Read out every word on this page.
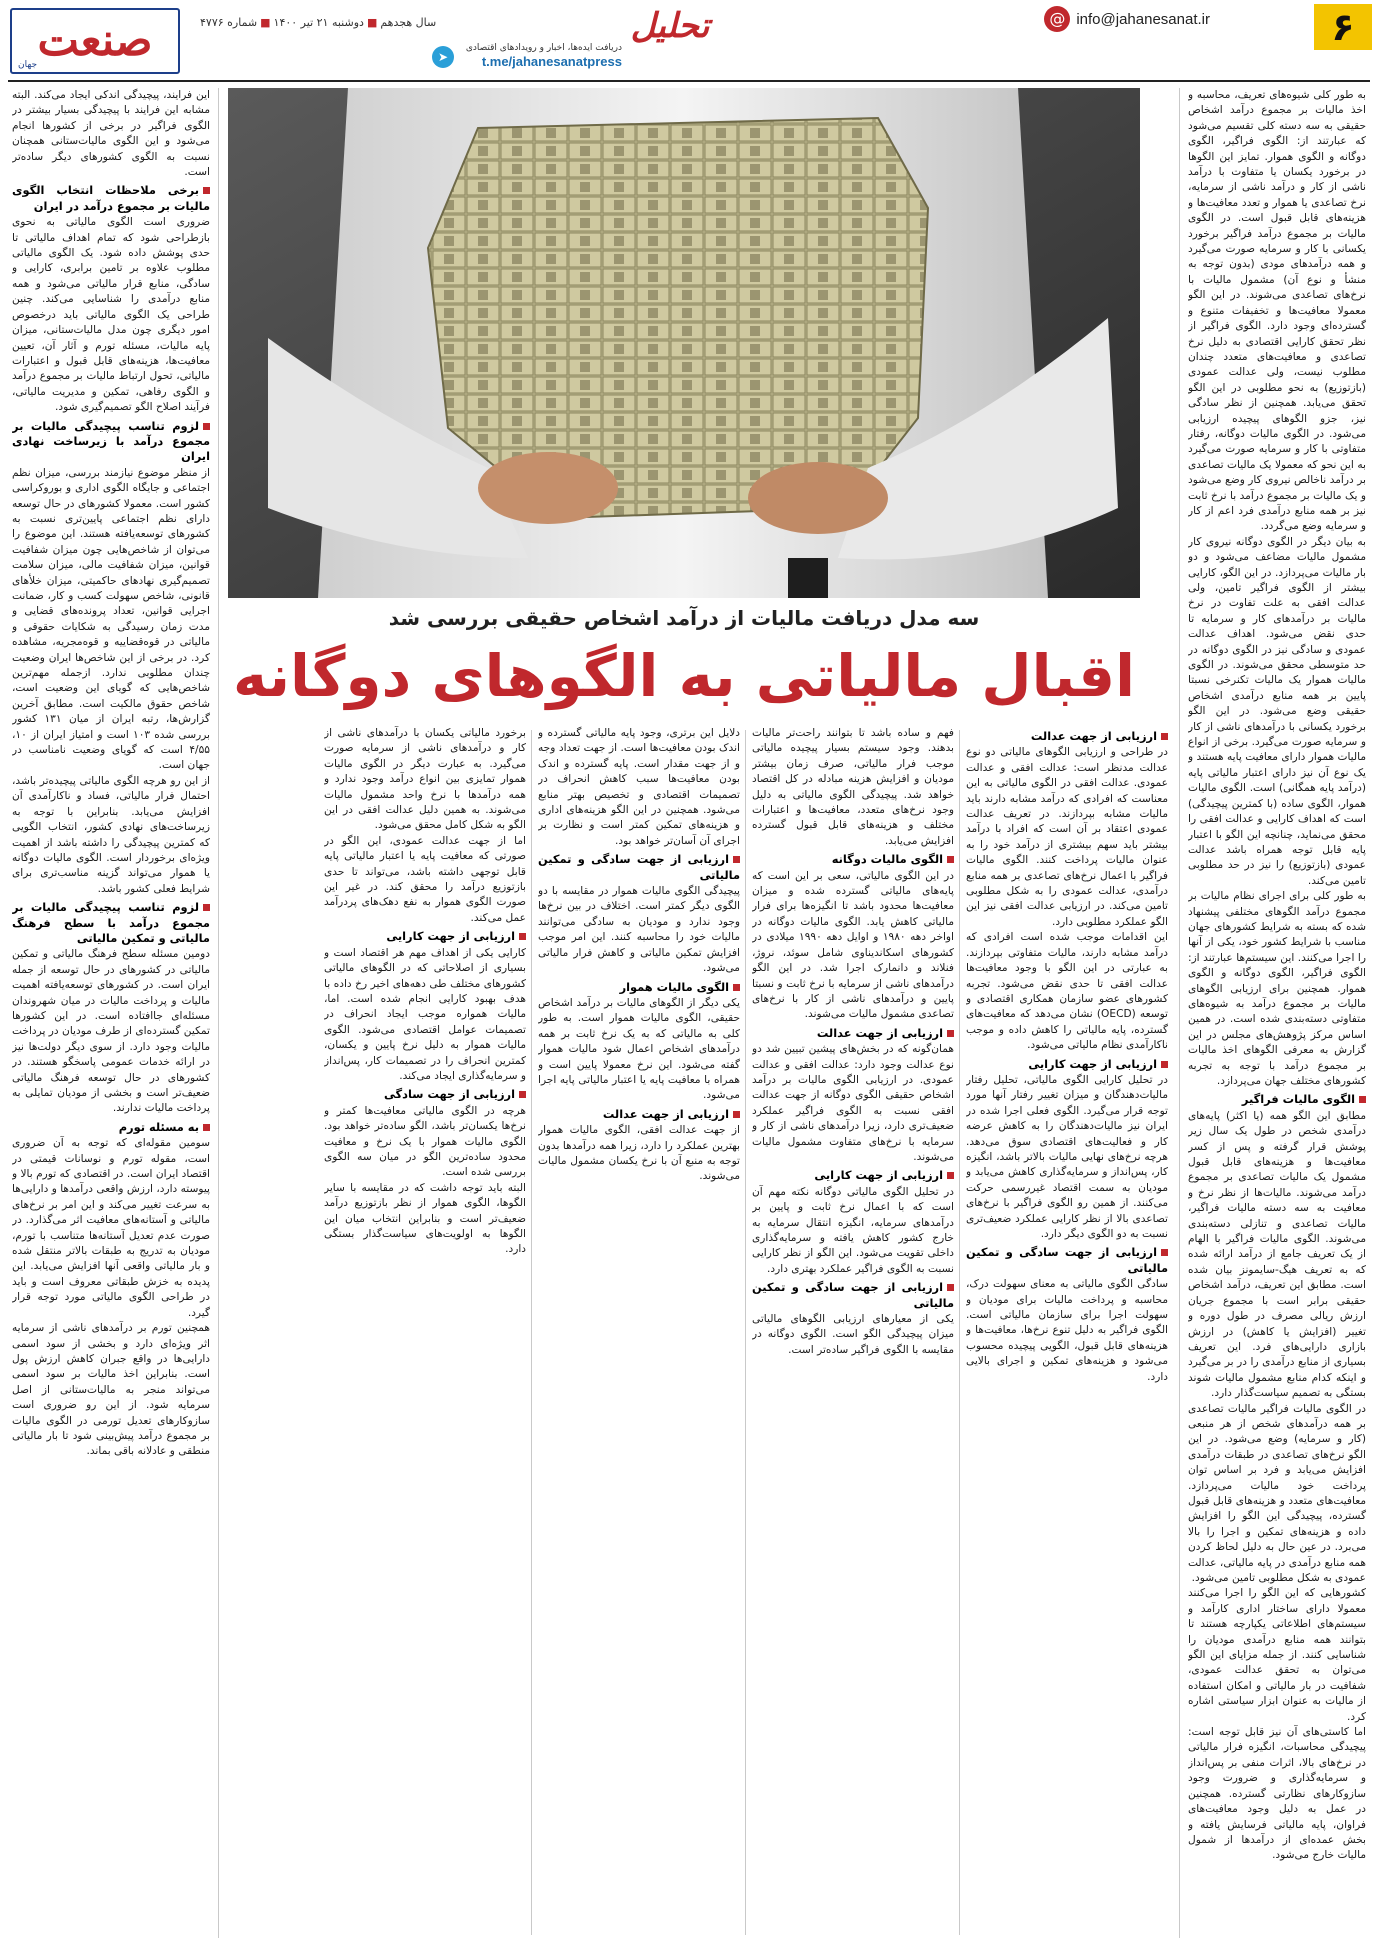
۶
@ info@jahanesanat.ir
تحلیل
دریافت ایده‌ها، اخبار و رویدادهای اقتصادی
t.me/jahanesanatpress
➤
سال هجدهم■دوشنبه ۲۱ تیر ۱۴۰۰■شماره ۴۷۷۶
صنعت
جهان
سه مدل دریافت مالیات از درآمد اشخاص حقیقی بررسی شد
اقبال مالیاتی به الگوهای دوگانه

به طور کلی شیوه‌های تعریف، محاسبه و اخذ مالیات بر مجموع درآمد اشخاص حقیقی به سه دسته کلی تقسیم می‌شود که عبارتند از: الگوی فراگیر، الگوی دوگانه و الگوی هموار. تمایز این الگوها در برخورد یکسان یا متفاوت با درآمد ناشی از کار و درآمد ناشی از سرمایه، نرخ تصاعدی یا هموار و تعدد معافیت‌ها و هزینه‌های قابل قبول است. در الگوی مالیات بر مجموع درآمد فراگیر برخورد یکسانی با کار و سرمایه صورت می‌گیرد و همه درآمدهای مودی (بدون توجه به منشأ و نوع آن) مشمول مالیات با نرخ‌های تصاعدی می‌شوند. در این الگو معمولا معافیت‌ها و تخفیفات متنوع و گسترده‌ای وجود دارد. الگوی فراگیر از نظر تحقق کارایی اقتصادی به دلیل نرخ تصاعدی و معافیت‌های متعدد چندان مطلوب نیست، ولی عدالت عمودی (بازتوزیع) به نحو مطلوبی در این الگو تحقق می‌یابد. همچنین از نظر سادگی نیز، جزو الگوهای پیچیده ارزیابی می‌شود. در الگوی مالیات دوگانه، رفتار متفاوتی با کار و سرمایه صورت می‌گیرد به این نحو که معمولا یک مالیات تصاعدی بر درآمد ناخالص نیروی کار وضع می‌شود و یک مالیات بر مجموع درآمد با نرخ ثابت نیز بر همه منابع درآمدی فرد اعم از کار و سرمایه وضع می‌گردد.

به بیان دیگر در الگوی دوگانه نیروی کار مشمول مالیات مضاعف می‌شود و دو بار مالیات می‌پردازد. در این الگو، کارایی بیشتر از الگوی فراگیر تامین، ولی عدالت افقی به علت تفاوت در نرخ مالیات بر درآمدهای کار و سرمایه تا حدی نقض می‌شود. اهداف عدالت عمودی و سادگی نیز در الگوی دوگانه در حد متوسطی محقق می‌شوند. در الگوی مالیات هموار یک مالیات تکنرخی نسبتا پایین بر همه منابع درآمدی اشخاص حقیقی وضع می‌شود. در این الگو برخورد یکسانی با درآمدهای ناشی از کار و سرمایه صورت می‌گیرد. برخی از انواع مالیات هموار دارای معافیت پایه هستند و یک نوع آن نیز دارای اعتبار مالیاتی پایه (درآمد پایه همگانی) است. الگوی مالیات هموار، الگوی ساده (با کمترین پیچیدگی) است که اهداف کارایی و عدالت افقی را محقق می‌نماید، چنانچه این الگو با اعتبار پایه قابل توجه همراه باشد عدالت عمودی (بازتوزیع) را نیز در حد مطلوبی تامین می‌کند.

به طور کلی برای اجرای نظام مالیات بر مجموع درآمد الگوهای مختلفی پیشنهاد شده که بسته به شرایط کشورهای جهان مناسب با شرایط کشور خود، یکی از آنها را اجرا می‌کنند. این سیستم‌ها عبارتند از: الگوی فراگیر، الگوی دوگانه و الگوی هموار. همچنین برای ارزیابی الگوهای مالیات بر مجموع درآمد به شیوه‌های متفاوتی دسته‌بندی شده است. در همین اساس مرکز پژوهش‌های مجلس در این گزارش به معرفی الگوهای اخذ مالیات بر مجموع درآمد با توجه به تجربه کشورهای مختلف جهان می‌پردازد.

الگوی مالیات فراگیر

مطابق این الگو همه (یا اکثر) پایه‌های درآمدی شخص در طول یک سال زیر پوشش قرار گرفته و پس از کسر معافیت‌ها و هزینه‌های قابل قبول مشمول یک مالیات تصاعدی بر مجموع درآمد می‌شوند. مالیات‌ها از نظر نرخ و معافیت به سه دسته مالیات فراگیر، مالیات تصاعدی و تنازلی دسته‌بندی می‌شوند. الگوی مالیات فراگیر با الهام از یک تعریف جامع از درآمد ارائه شده که به تعریف هیگ-سایمونز بیان شده است. مطابق این تعریف، درآمد اشخاص حقیقی برابر است با مجموع جریان ارزش ریالی مصرف در طول دوره و تغییر (افزایش یا کاهش) در ارزش بازاری دارایی‌های فرد. این تعریف بسیاری از منابع درآمدی را در بر می‌گیرد و اینکه کدام منابع مشمول مالیات شوند بستگی به تصمیم سیاست‌گذار دارد.

در الگوی مالیات فراگیر مالیات تصاعدی بر همه درآمدهای شخص از هر منبعی (کار و سرمایه) وضع می‌شود. در این الگو نرخ‌های تصاعدی در طبقات درآمدی افزایش می‌یابد و فرد بر اساس توان پرداخت خود مالیات می‌پردازد. معافیت‌های متعدد و هزینه‌های قابل قبول گسترده، پیچیدگی این الگو را افزایش داده و هزینه‌های تمکین و اجرا را بالا می‌برد. در عین حال به دلیل لحاظ کردن همه منابع درآمدی در پایه مالیاتی، عدالت عمودی به شکل مطلوبی تامین می‌شود.

کشورهایی که این الگو را اجرا می‌کنند معمولا دارای ساختار اداری کارآمد و سیستم‌های اطلاعاتی یکپارچه هستند تا بتوانند همه منابع درآمدی مودیان را شناسایی کنند. از جمله مزایای این الگو می‌توان به تحقق عدالت عمودی، شفافیت در بار مالیاتی و امکان استفاده از مالیات به عنوان ابزار سیاستی اشاره کرد.

اما کاستی‌های آن نیز قابل توجه است: پیچیدگی محاسبات، انگیزه فرار مالیاتی در نرخ‌های بالا، اثرات منفی بر پس‌انداز و سرمایه‌گذاری و ضرورت وجود سازوکارهای نظارتی گسترده. همچنین در عمل به دلیل وجود معافیت‌های فراوان، پایه مالیاتی فرسایش یافته و بخش عمده‌ای از درآمدها از شمول مالیات خارج می‌شود.

این فرایند، پیچیدگی اندکی ایجاد می‌کند. البته مشابه این فرایند با پیچیدگی بسیار بیشتر در الگوی فراگیر در برخی از کشورها انجام می‌شود و این الگوی مالیات‌ستانی همچنان نسبت به الگوی کشورهای دیگر ساده‌تر است.

برخی ملاحظات انتخاب الگوی مالیات بر مجموع درآمد در ایران

ضروری است الگوی مالیاتی به نحوی بازطراحی شود که تمام اهداف مالیاتی تا حدی پوشش داده شود. یک الگوی مالیاتی مطلوب علاوه بر تامین برابری، کارایی و سادگی، منابع قرار مالیاتی می‌شود و همه منابع درآمدی را شناسایی می‌کند. چنین طراحی یک الگوی مالیاتی باید درخصوص امور دیگری چون مدل مالیات‌ستانی، میزان پایه مالیات، مسئله تورم و آثار آن، تعیین معافیت‌ها، هزینه‌های قابل قبول و اعتبارات مالیاتی، تحول ارتباط مالیات بر مجموع درآمد و الگوی رفاهی، تمکین و مدیریت مالیاتی، فرآیند اصلاح الگو تصمیم‌گیری شود.

لزوم تناسب پیچیدگی مالیات بر مجموع درآمد با زیرساخت نهادی ایران

از منظر موضوع نیازمند بررسی، میزان نظم اجتماعی و جایگاه الگوی اداری و بوروکراسی کشور است. معمولا کشورهای در حال توسعه دارای نظم اجتماعی پایین‌تری نسبت به کشورهای توسعه‌یافته هستند. این موضوع را می‌توان از شاخص‌هایی چون میزان شفافیت قوانین، میزان شفافیت مالی، میزان سلامت تصمیم‌گیری نهادهای حاکمیتی، میزان خلأهای قانونی، شاخص سهولت کسب و کار، ضمانت اجرایی قوانین، تعداد پرونده‌های قضایی و مدت زمان رسیدگی به شکایات حقوقی و مالیاتی در قوه‌قضاییه و قوه‌مجریه، مشاهده کرد. در برخی از این شاخص‌ها ایران وضعیت چندان مطلوبی ندارد. ازجمله مهم‌ترین شاخص‌هایی که گویای این وضعیت است، شاخص حقوق مالکیت است. مطابق آخرین گزارش‌ها، رتبه ایران از میان ۱۳۱ کشور بررسی شده ۱۰۳ است و امتیاز ایران از ۱۰، ۴/۵۵ است که گویای وضعیت نامناسب در جهان است.

از این رو هرچه الگوی مالیاتی پیچیده‌تر باشد، احتمال فرار مالیاتی، فساد و ناکارآمدی آن افزایش می‌یابد. بنابراین با توجه به زیرساخت‌های نهادی کشور، انتخاب الگویی که کمترین پیچیدگی را داشته باشد از اهمیت ویژه‌ای برخوردار است. الگوی مالیات دوگانه یا هموار می‌تواند گزینه مناسب‌تری برای شرایط فعلی کشور باشد.

لزوم تناسب پیچیدگی مالیات بر مجموع درآمد با سطح فرهنگ مالیاتی و تمکین مالیاتی

دومین مسئله سطح فرهنگ مالیاتی و تمکین مالیاتی در کشورهای در حال توسعه از جمله ایران است. در کشورهای توسعه‌یافته اهمیت مالیات و پرداخت مالیات در میان شهروندان مسئله‌ای جاافتاده است. در این کشورها تمکین گسترده‌ای از طرف مودیان در پرداخت مالیات وجود دارد. از سوی دیگر دولت‌ها نیز در ارائه خدمات عمومی پاسخگو هستند. در کشورهای در حال توسعه فرهنگ مالیاتی ضعیف‌تر است و بخشی از مودیان تمایلی به پرداخت مالیات ندارند.

به مسئله تورم

سومین مقوله‌ای که توجه به آن ضروری است، مقوله تورم و نوسانات قیمتی در اقتصاد ایران است. در اقتصادی که تورم بالا و پیوسته دارد، ارزش واقعی درآمدها و دارایی‌ها به سرعت تغییر می‌کند و این امر بر نرخ‌های مالیاتی و آستانه‌های معافیت اثر می‌گذارد. در صورت عدم تعدیل آستانه‌ها متناسب با تورم، مودیان به تدریج به طبقات بالاتر منتقل شده و بار مالیاتی واقعی آنها افزایش می‌یابد. این پدیده به خزش طبقاتی معروف است و باید در طراحی الگوی مالیاتی مورد توجه قرار گیرد.

همچنین تورم بر درآمدهای ناشی از سرمایه اثر ویژه‌ای دارد و بخشی از سود اسمی دارایی‌ها در واقع جبران کاهش ارزش پول است. بنابراین اخذ مالیات بر سود اسمی می‌تواند منجر به مالیات‌ستانی از اصل سرمایه شود. از این رو ضروری است سازوکارهای تعدیل تورمی در الگوی مالیات بر مجموع درآمد پیش‌بینی شود تا بار مالیاتی منطقی و عادلانه باقی بماند.

ارزیابی از جهت عدالت

در طراحی و ارزیابی الگوهای مالیاتی دو نوع عدالت مدنظر است: عدالت افقی و عدالت عمودی. عدالت افقی در الگوی مالیاتی به این معناست که افرادی که درآمد مشابه دارند باید مالیات مشابه بپردازند. در تعریف عدالت عمودی اعتقاد بر آن است که افراد با درآمد بیشتر باید سهم بیشتری از درآمد خود را به عنوان مالیات پرداخت کنند. الگوی مالیات فراگیر با اعمال نرخ‌های تصاعدی بر همه منابع درآمدی، عدالت عمودی را به شکل مطلوبی تامین می‌کند. در ارزیابی عدالت افقی نیز این الگو عملکرد مطلوبی دارد.

این اقدامات موجب شده است افرادی که درآمد مشابه دارند، مالیات متفاوتی بپردازند. به عبارتی در این الگو با وجود معافیت‌ها عدالت افقی تا حدی نقض می‌شود. تجربه کشورهای عضو سازمان همکاری اقتصادی و توسعه (OECD) نشان می‌دهد که معافیت‌های گسترده، پایه مالیاتی را کاهش داده و موجب ناکارآمدی نظام مالیاتی می‌شود.

ارزیابی از جهت کارایی

در تحلیل کارایی الگوی مالیاتی، تحلیل رفتار مالیات‌دهندگان و میزان تغییر رفتار آنها مورد توجه قرار می‌گیرد. الگوی فعلی اجرا شده در ایران نیز مالیات‌دهندگان را به کاهش عرضه کار و فعالیت‌های اقتصادی سوق می‌دهد. هرچه نرخ‌های نهایی مالیات بالاتر باشد، انگیزه کار، پس‌انداز و سرمایه‌گذاری کاهش می‌یابد و مودیان به سمت اقتصاد غیررسمی حرکت می‌کنند. از همین رو الگوی فراگیر با نرخ‌های تصاعدی بالا از نظر کارایی عملکرد ضعیف‌تری نسبت به دو الگوی دیگر دارد.

ارزیابی از جهت سادگی و تمکین مالیاتی

سادگی الگوی مالیاتی به معنای سهولت درک، محاسبه و پرداخت مالیات برای مودیان و سهولت اجرا برای سازمان مالیاتی است. الگوی فراگیر به دلیل تنوع نرخ‌ها، معافیت‌ها و هزینه‌های قابل قبول، الگویی پیچیده محسوب می‌شود و هزینه‌های تمکین و اجرای بالایی دارد.

فهم و ساده باشد تا بتوانند راحت‌تر مالیات بدهند. وجود سیستم بسیار پیچیده مالیاتی موجب فرار مالیاتی، صرف زمان بیشتر مودیان و افزایش هزینه مبادله در کل اقتصاد خواهد شد. پیچیدگی الگوی مالیاتی به دلیل وجود نرخ‌های متعدد، معافیت‌ها و اعتبارات مختلف و هزینه‌های قابل قبول گسترده افزایش می‌یابد.

الگوی مالیات دوگانه

در این الگوی مالیاتی، سعی بر این است که پایه‌های مالیاتی گسترده شده و میزان معافیت‌ها محدود باشد تا انگیزه‌ها برای فرار مالیاتی کاهش یابد. الگوی مالیات دوگانه در اواخر دهه ۱۹۸۰ و اوایل دهه ۱۹۹۰ میلادی در کشورهای اسکاندیناوی شامل سوئد، نروژ، فنلاند و دانمارک اجرا شد. در این الگو درآمدهای ناشی از سرمایه با نرخ ثابت و نسبتا پایین و درآمدهای ناشی از کار با نرخ‌های تصاعدی مشمول مالیات می‌شوند.

ارزیابی از جهت عدالت

همان‌گونه که در بخش‌های پیشین تبیین شد دو نوع عدالت وجود دارد: عدالت افقی و عدالت عمودی. در ارزیابی الگوی مالیات بر درآمد اشخاص حقیقی الگوی دوگانه از جهت عدالت افقی نسبت به الگوی فراگیر عملکرد ضعیف‌تری دارد، زیرا درآمدهای ناشی از کار و سرمایه با نرخ‌های متفاوت مشمول مالیات می‌شوند.

ارزیابی از جهت کارایی

در تحلیل الگوی مالیاتی دوگانه نکته مهم آن است که با اعمال نرخ ثابت و پایین بر درآمدهای سرمایه، انگیزه انتقال سرمایه به خارج کشور کاهش یافته و سرمایه‌گذاری داخلی تقویت می‌شود. این الگو از نظر کارایی نسبت به الگوی فراگیر عملکرد بهتری دارد.

ارزیابی از جهت سادگی و تمکین مالیاتی

یکی از معیارهای ارزیابی الگوهای مالیاتی میزان پیچیدگی الگو است. الگوی دوگانه در مقایسه با الگوی فراگیر ساده‌تر است.

دلایل این برتری، وجود پایه مالیاتی گسترده و اندک بودن معافیت‌ها است. از جهت تعداد وجه و از جهت مقدار است. پایه گسترده و اندک بودن معافیت‌ها سبب کاهش انحراف در تصمیمات اقتصادی و تخصیص بهتر منابع می‌شود. همچنین در این الگو هزینه‌های اداری و هزینه‌های تمکین کمتر است و نظارت بر اجرای آن آسان‌تر خواهد بود.

ارزیابی از جهت سادگی و تمکین مالیاتی

پیچیدگی الگوی مالیات هموار در مقایسه با دو الگوی دیگر کمتر است. اختلاف در بین نرخ‌ها وجود ندارد و مودیان به سادگی می‌توانند مالیات خود را محاسبه کنند. این امر موجب افزایش تمکین مالیاتی و کاهش فرار مالیاتی می‌شود.

الگوی مالیات هموار

یکی دیگر از الگوهای مالیات بر درآمد اشخاص حقیقی، الگوی مالیات هموار است. به طور کلی به مالیاتی که به یک نرخ ثابت بر همه درآمدهای اشخاص اعمال شود مالیات هموار گفته می‌شود. این نرخ معمولا پایین است و همراه با معافیت پایه یا اعتبار مالیاتی پایه اجرا می‌شود.

ارزیابی از جهت عدالت

از جهت عدالت افقی، الگوی مالیات هموار بهترین عملکرد را دارد، زیرا همه درآمدها بدون توجه به منبع آن با نرخ یکسان مشمول مالیات می‌شوند.

برخورد مالیاتی یکسان با درآمدهای ناشی از کار و درآمدهای ناشی از سرمایه صورت می‌گیرد. به عبارت دیگر در الگوی مالیات هموار تمایزی بین انواع درآمد وجود ندارد و همه درآمدها با نرخ واحد مشمول مالیات می‌شوند. به همین دلیل عدالت افقی در این الگو به شکل کامل محقق می‌شود.

اما از جهت عدالت عمودی، این الگو در صورتی که معافیت پایه یا اعتبار مالیاتی پایه قابل توجهی داشته باشد، می‌تواند تا حدی بازتوزیع درآمد را محقق کند. در غیر این صورت الگوی هموار به نفع دهک‌های پردرآمد عمل می‌کند.

ارزیابی از جهت کارایی

کارایی یکی از اهداف مهم هر اقتصاد است و بسیاری از اصلاحاتی که در الگوهای مالیاتی کشورهای مختلف طی دهه‌های اخیر رخ داده با هدف بهبود کارایی انجام شده است. اما، مالیات همواره موجب ایجاد انحراف در تصمیمات عوامل اقتصادی می‌شود. الگوی مالیات هموار به دلیل نرخ پایین و یکسان، کمترین انحراف را در تصمیمات کار، پس‌انداز و سرمایه‌گذاری ایجاد می‌کند.

ارزیابی از جهت سادگی

هرچه در الگوی مالیاتی معافیت‌ها کمتر و نرخ‌ها یکسان‌تر باشد، الگو ساده‌تر خواهد بود. الگوی مالیات هموار با یک نرخ و معافیت محدود ساده‌ترین الگو در میان سه الگوی بررسی شده است.

البته باید توجه داشت که در مقایسه با سایر الگوها، الگوی هموار از نظر بازتوزیع درآمد ضعیف‌تر است و بنابراین انتخاب میان این الگوها به اولویت‌های سیاست‌گذار بستگی دارد.
